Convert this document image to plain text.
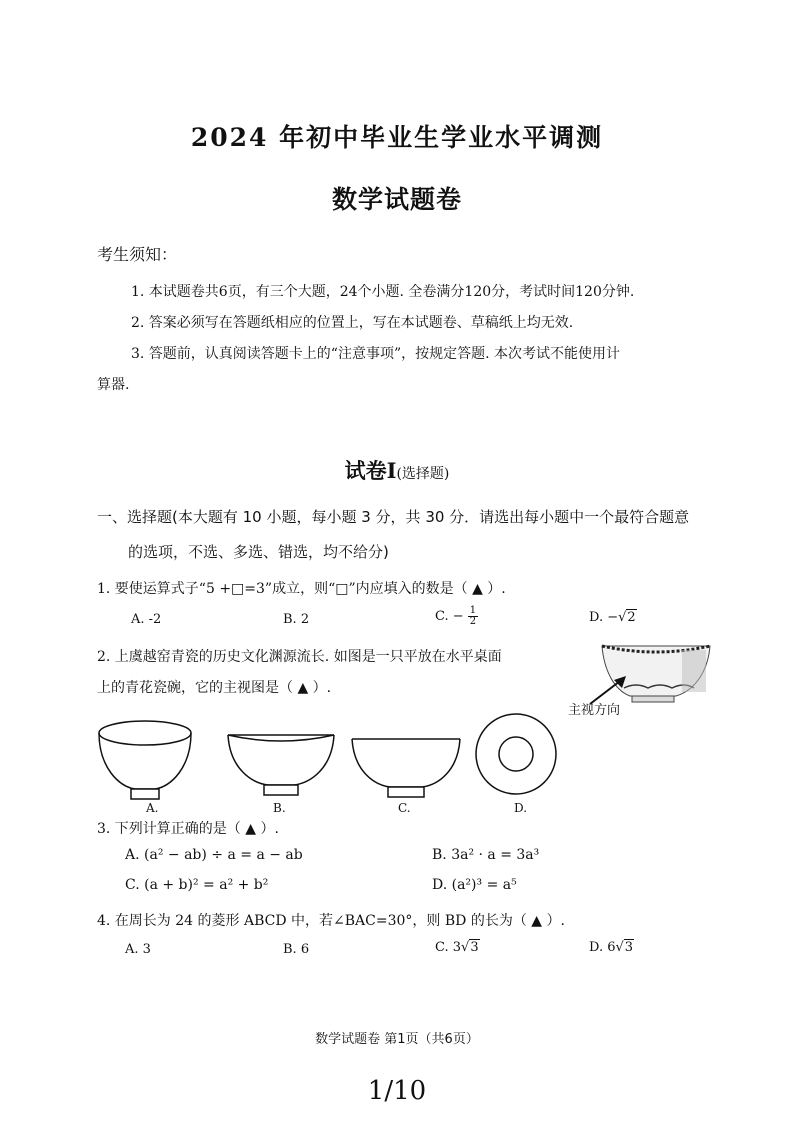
2024 年初中毕业生学业水平调测
数学试题卷
考生须知：
1. 本试题卷共6页，有三个大题，24个小题. 全卷满分120分，考试时间120分钟.
2. 答案必须写在答题纸相应的位置上，写在本试题卷、草稿纸上均无效.
3. 答题前，认真阅读答题卡上的“注意事项”，按规定答题. 本次考试不能使用计
算器.
试卷Ⅰ(选择题)
一、选择题(本大题有 10 小题，每小题 3 分，共 30 分．请选出每小题中一个最符合题意
的选项，不选、多选、错选，均不给分)
1. 要使运算式子“5 +□=3”成立，则“□”内应填入的数是（ ▲ ）.
A. -2	B. 2	C. − $\frac{1}{2}$	D. −√2
2. 上虞越窑青瓷的历史文化渊源流长. 如图是一只平放在水平桌面
上的青花瓷碗，它的主视图是（ ▲ ）.
主视方向
A.	B.	C.	D.
3. 下列计算正确的是（ ▲ ）.
A. (a² − ab) ÷ a = a − ab	B. 3a² · a = 3a³
C. (a + b)² = a² + b²	D. (a²)³ = a⁵
4. 在周长为 24 的菱形 ABCD 中，若∠BAC=30°，则 BD 的长为（ ▲ ）.
A. 3	B. 6	C. 3√3	D. 6√3
数学试题卷 第1页（共6页）
1/10
